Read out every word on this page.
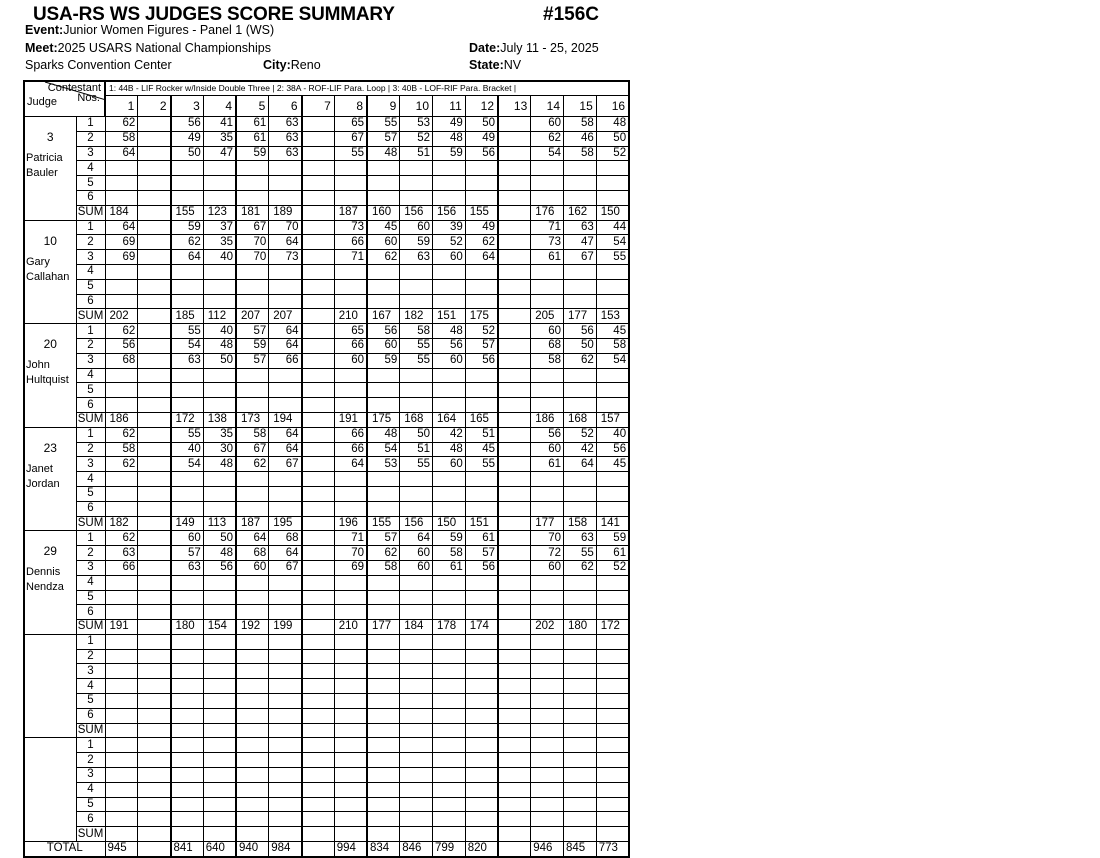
USA-RS WS JUDGES SCORE SUMMARY	#156C
Event:Junior Women Figures - Panel 1 (WS)
Meet:2025 USARS National Championships	Date:July 11 - 25, 2025
Sparks Convention Center	City:Reno	State:NV
Contestant
Nos.
Judge		1: 44B - LIF Rocker w/Inside Double Three | 2: 38A - ROF-LIF Para. Loop | 3: 40B - LOF-RIF Para. Bracket |															
		1	2	3	4	5	6	7	8	9	10	11	12	13	14	15	16

3
Patricia
Bauler	1	62		56	41	61	63		65	55	53	49	50		60	58	48
	2	58		49	35	61	63		67	57	52	48	49		62	46	50
	3	64		50	47	59	63		55	48	51	59	56		54	58	52
	4																
	5																
	6																
	SUM	184		155	123	181	189		187	160	156	156	155		176	162	150

10
Gary
Callahan	1	64		59	37	67	70		73	45	60	39	49		71	63	44
	2	69		62	35	70	64		66	60	59	52	62		73	47	54
	3	69		64	40	70	73		71	62	63	60	64		61	67	55
	4																
	5																
	6																
	SUM	202		185	112	207	207		210	167	182	151	175		205	177	153

20
John
Hultquist	1	62		55	40	57	64		65	56	58	48	52		60	56	45
	2	56		54	48	59	64		66	60	55	56	57		68	50	58
	3	68		63	50	57	66		60	59	55	60	56		58	62	54
	4																
	5																
	6																
	SUM	186		172	138	173	194		191	175	168	164	165		186	168	157

23
Janet
Jordan	1	62		55	35	58	64		66	48	50	42	51		56	52	40
	2	58		40	30	67	64		66	54	51	48	45		60	42	56
	3	62		54	48	62	67		64	53	55	60	55		61	64	45
	4																
	5																
	6																
	SUM	182		149	113	187	195		196	155	156	150	151		177	158	141

29
Dennis
Nendza	1	62		60	50	64	68		71	57	64	59	61		70	63	59
	2	63		57	48	68	64		70	62	60	58	57		72	55	61
	3	66		63	56	60	67		69	58	60	61	56		60	62	52
	4																
	5																
	6																
	SUM	191		180	154	192	199		210	177	184	178	174		202	180	172

	1																
	2																
	3																
	4																
	5																
	6																
	SUM																

	1																
	2																
	3																
	4																
	5																
	6																
	SUM																
TOTAL		945		841	640	940	984		994	834	846	799	820		946	845	773
